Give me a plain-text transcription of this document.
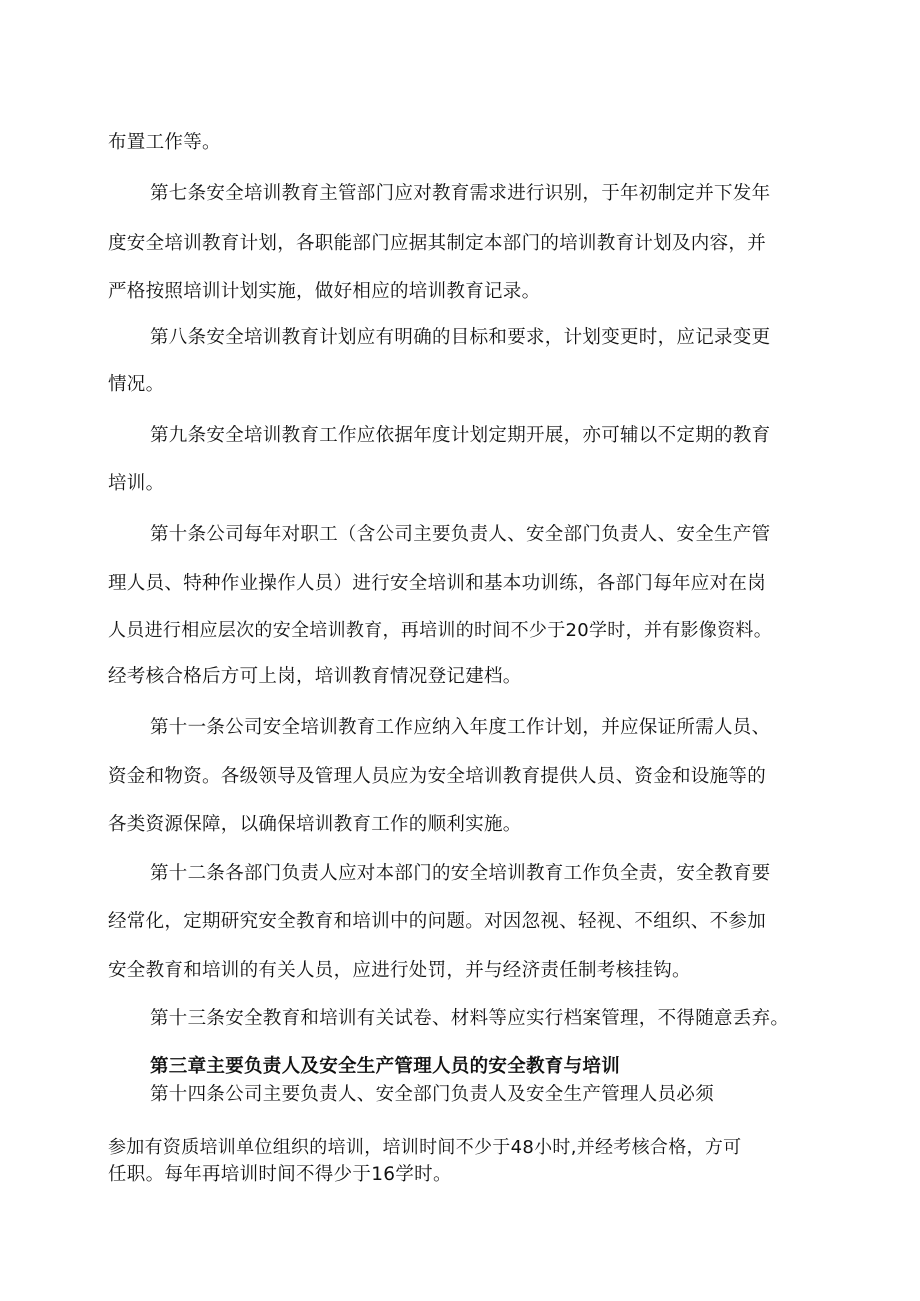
布置工作等。
第七条安全培训教育主管部门应对教育需求进行识别，于年初制定并下发年
度安全培训教育计划，各职能部门应据其制定本部门的培训教育计划及内容，并
严格按照培训计划实施，做好相应的培训教育记录。
第八条安全培训教育计划应有明确的目标和要求，计划变更时，应记录变更
情况。
第九条安全培训教育工作应依据年度计划定期开展，亦可辅以不定期的教育
培训。
第十条公司每年对职工（含公司主要负责人、安全部门负责人、安全生产管
理人员、特种作业操作人员）进行安全培训和基本功训练，各部门每年应对在岗
人员进行相应层次的安全培训教育，再培训的时间不少于20学时，并有影像资料。
经考核合格后方可上岗，培训教育情况登记建档。
第十一条公司安全培训教育工作应纳入年度工作计划，并应保证所需人员、
资金和物资。各级领导及管理人员应为安全培训教育提供人员、资金和设施等的
各类资源保障，以确保培训教育工作的顺利实施。
第十二条各部门负责人应对本部门的安全培训教育工作负全责，安全教育要
经常化，定期研究安全教育和培训中的问题。对因忽视、轻视、不组织、不参加
安全教育和培训的有关人员，应进行处罚，并与经济责任制考核挂钩。
第十三条安全教育和培训有关试卷、材料等应实行档案管理，不得随意丢弃。
第三章主要负责人及安全生产管理人员的安全教育与培训
第十四条公司主要负责人、安全部门负责人及安全生产管理人员必须
参加有资质培训单位组织的培训，培训时间不少于48小时,并经考核合格，方可
任职。每年再培训时间不得少于16学时。
